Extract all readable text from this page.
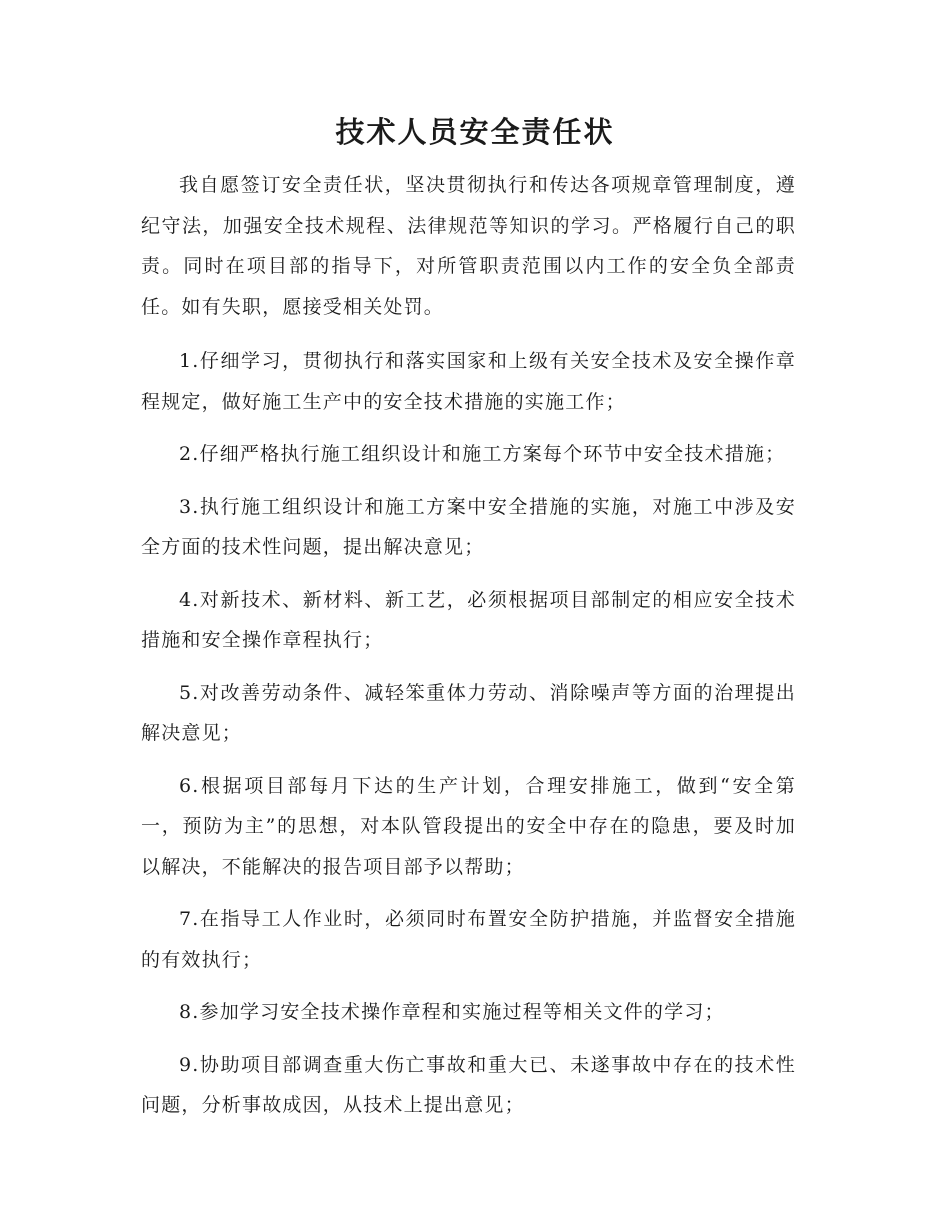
技术人员安全责任状

我自愿签订安全责任状，坚决贯彻执行和传达各项规章管理制度，遵纪守法，加强安全技术规程、法律规范等知识的学习。严格履行自己的职责。同时在项目部的指导下，对所管职责范围以内工作的安全负全部责任。如有失职，愿接受相关处罚。

1.仔细学习，贯彻执行和落实国家和上级有关安全技术及安全操作章程规定，做好施工生产中的安全技术措施的实施工作；

2.仔细严格执行施工组织设计和施工方案每个环节中安全技术措施；

3.执行施工组织设计和施工方案中安全措施的实施，对施工中涉及安全方面的技术性问题，提出解决意见；

4.对新技术、新材料、新工艺，必须根据项目部制定的相应安全技术措施和安全操作章程执行；

5.对改善劳动条件、减轻笨重体力劳动、消除噪声等方面的治理提出解决意见；

6.根据项目部每月下达的生产计划，合理安排施工，做到“安全第一，预防为主”的思想，对本队管段提出的安全中存在的隐患，要及时加以解决，不能解决的报告项目部予以帮助；

7.在指导工人作业时，必须同时布置安全防护措施，并监督安全措施的有效执行；

8.参加学习安全技术操作章程和实施过程等相关文件的学习；

9.协助项目部调查重大伤亡事故和重大已、未遂事故中存在的技术性问题，分析事故成因，从技术上提出意见；
